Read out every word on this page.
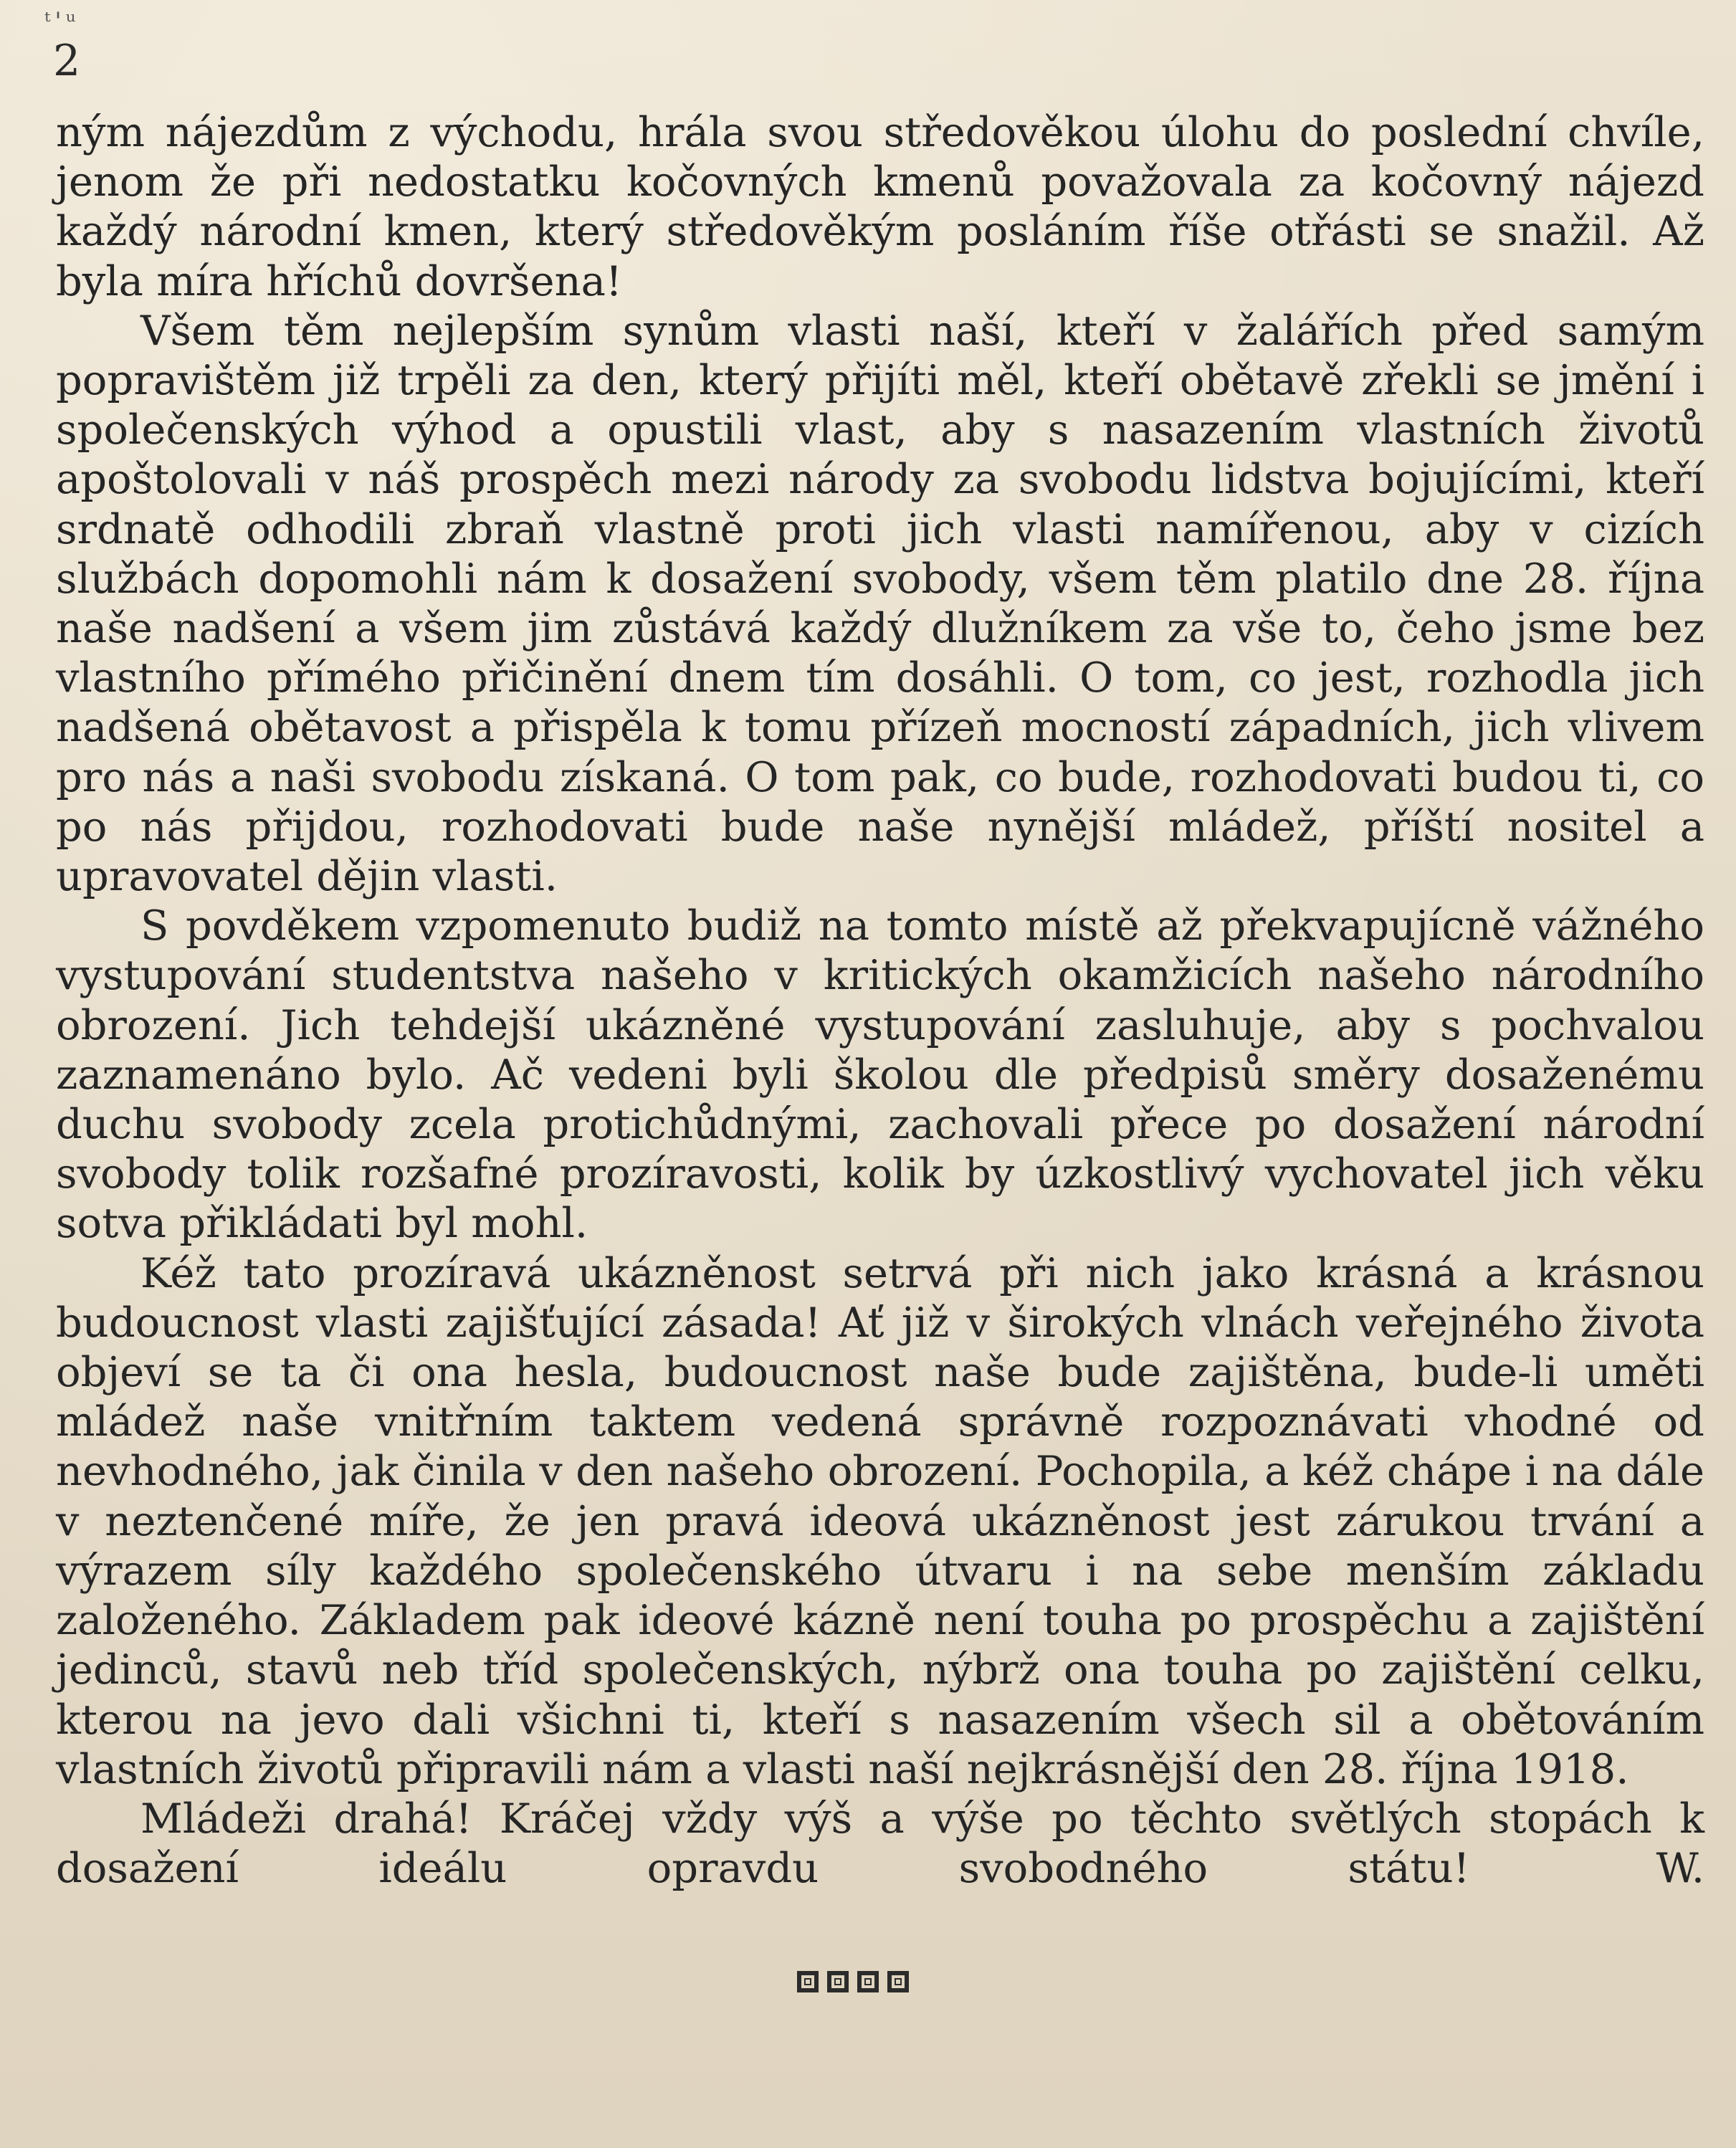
ᵗ'ᵘ
2

ným nájezdům z východu, hrála svou středověkou úlohu do poslední chvíle, jenom že při nedostatku kočovných kmenů považovala za kočovný nájezd každý národní kmen, který středověkým posláním říše otřásti se snažil. Až byla míra hříchů dovršena!

Všem těm nejlepším synům vlasti naší, kteří v žalářích před samým popravištěm již trpěli za den, který přijíti měl, kteří obětavě zřekli se jmění i společenských výhod a opustili vlast, aby s nasazením vlastních životů apoštolovali v náš prospěch mezi národy za svobodu lidstva bojujícími, kteří srdnatě odhodili zbraň vlastně proti jich vlasti namířenou, aby v cizích službách dopomohli nám k dosažení svobody, všem těm platilo dne 28. října naše nadšení a všem jim zůstává každý dlužníkem za vše to, čeho jsme bez vlastního přímého přičinění dnem tím dosáhli. O tom, co jest, rozhodla jich nadšená obětavost a přispěla k tomu přízeň mocností západních, jich vlivem pro nás a naši svobodu získaná. O tom pak, co bude, rozhodovati budou ti, co po nás přijdou, rozhodovati bude naše nynější mládež, příští nositel a upravovatel dějin vlasti.

S povděkem vzpomenuto budiž na tomto místě až překvapujícně vážného vystupování studentstva našeho v kritických okamžicích našeho národního obrození. Jich tehdejší ukázněné vystupování zasluhuje, aby s pochvalou zaznamenáno bylo. Ač vedeni byli školou dle předpisů směry dosaženému duchu svobody zcela protichůdnými, zachovali přece po dosažení národní svobody tolik rozšafné prozíravosti, kolik by úzkostlivý vychovatel jich věku sotva přikládati byl mohl.

Kéž tato prozíravá ukázněnost setrvá při nich jako krásná a krásnou budoucnost vlasti zajišťující zásada! Ať již v širokých vlnách veřejného života objeví se ta či ona hesla, budoucnost naše bude zajištěna, bude-li uměti mládež naše vnitřním taktem vedená správně rozpoznávati vhodné od nevhodného, jak činila v den našeho obrození. Pochopila, a kéž chápe i na dále v neztenčené míře, že jen pravá ideová ukázněnost jest zárukou trvání a výrazem síly každého společenského útvaru i na sebe menším základu založeného. Základem pak ideové kázně není touha po prospěchu a zajištění jedinců, stavů neb tříd společenských, nýbrž ona touha po zajištění celku, kterou na jevo dali všichni ti, kteří s nasazením všech sil a obětováním vlastních životů připravili nám a vlasti naší nejkrásnější den 28. října 1918.

Mládeži drahá! Kráčej vždy výš a výše po těchto světlých stopách k dosažení ideálu opravdu svobodného státu!	W.
